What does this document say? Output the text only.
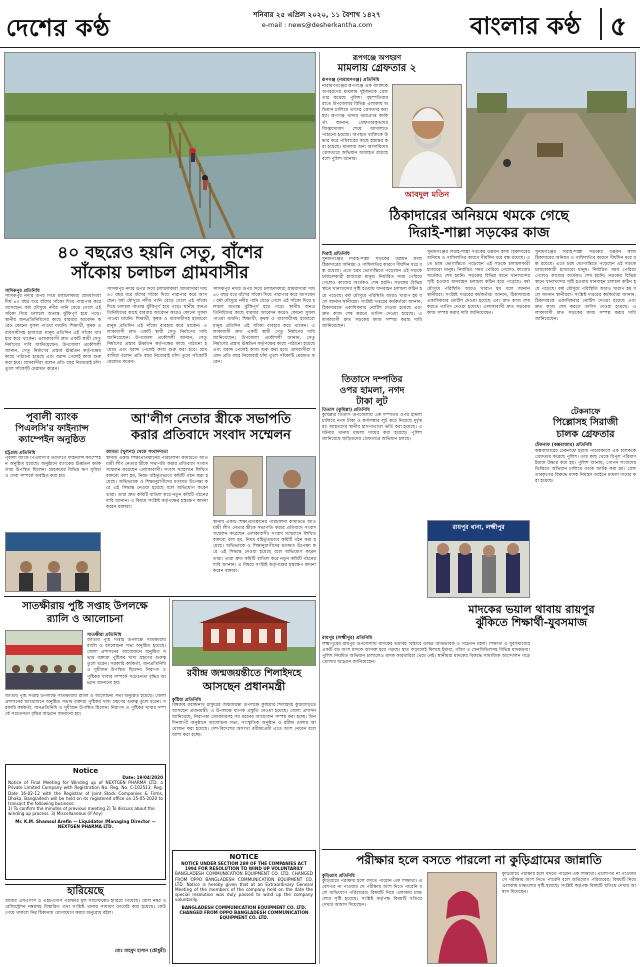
দেশের কণ্ঠ	শনিবার ২৫ এপ্রিল ২০২০, ১১ বৈশাখ ১৪২৭
e-mail : news@desherkantha.com	বাংলার কণ্ঠ ৫
৪০ বছরেও হয়নি সেতু, বাঁশের
সাঁকোয় চলাচল গ্রামবাসীর
সাদিকপুর প্রতিনিধি
সাদিকপুর নদীর উপর দিয়ে চলাচলকারী গ্রামবাসীরা দীর্ঘ ৪০ বছর ধরে বাঁশের সাঁকো দিয়ে পারাপার করে আসছেন। বর্ষা মৌসুমে নদীর পানি বেড়ে গেলে এই সাঁকো দিয়ে চলাচল অত্যন্ত ঝুঁকিপূর্ণ হয়ে পড়ে। স্থানীয় জনপ্রতিনিধিদের কাছে বারবার আবেদন করেও কোনো সুফল পাওয়া যায়নি। শিক্ষার্থী, কৃষক ও ব্যবসায়ীসহ হাজারো মানুষ প্রতিদিন এই সাঁকো ব্যবহার করে থাকেন। এলাকাবাসী দ্রুত একটি স্থায়ী সেতু নির্মাণের দাবি জানিয়েছেন। উপজেলা প্রকৌশলী জানান, সেতু নির্মাণের প্রস্তাব ঊর্ধ্বতন কর্তৃপক্ষের কাছে পাঠানো হয়েছে এবং বরাদ্দ পেলেই কাজ শুরু করা হবে। গ্রামবাসীরা বলেন প্রতি বছর নিজেরাই চাঁদা তুলে সাঁকোটি মেরামত করেন।
সাদিকপুর নদীর উপর দিয়ে চলাচলকারী গ্রামবাসীরা দীর্ঘ ৪০ বছর ধরে বাঁশের সাঁকো দিয়ে পারাপার করে আসছেন। বর্ষা মৌসুমে নদীর পানি বেড়ে গেলে এই সাঁকো দিয়ে চলাচল অত্যন্ত ঝুঁকিপূর্ণ হয়ে পড়ে। স্থানীয় জনপ্রতিনিধিদের কাছে বারবার আবেদন করেও কোনো সুফল পাওয়া যায়নি। শিক্ষার্থী, কৃষক ও ব্যবসায়ীসহ হাজারো মানুষ প্রতিদিন এই সাঁকো ব্যবহার করে থাকেন। এলাকাবাসী দ্রুত একটি স্থায়ী সেতু নির্মাণের দাবি জানিয়েছেন। উপজেলা প্রকৌশলী জানান, সেতু নির্মাণের প্রস্তাব ঊর্ধ্বতন কর্তৃপক্ষের কাছে পাঠানো হয়েছে এবং বরাদ্দ পেলেই কাজ শুরু করা হবে। গ্রামবাসীরা বলেন প্রতি বছর নিজেরাই চাঁদা তুলে সাঁকোটি মেরামত করেন।
সাদিকপুর নদীর উপর দিয়ে চলাচলকারী গ্রামবাসীরা দীর্ঘ ৪০ বছর ধরে বাঁশের সাঁকো দিয়ে পারাপার করে আসছেন। বর্ষা মৌসুমে নদীর পানি বেড়ে গেলে এই সাঁকো দিয়ে চলাচল অত্যন্ত ঝুঁকিপূর্ণ হয়ে পড়ে। স্থানীয় জনপ্রতিনিধিদের কাছে বারবার আবেদন করেও কোনো সুফল পাওয়া যায়নি। শিক্ষার্থী, কৃষক ও ব্যবসায়ীসহ হাজারো মানুষ প্রতিদিন এই সাঁকো ব্যবহার করে থাকেন। এলাকাবাসী দ্রুত একটি স্থায়ী সেতু নির্মাণের দাবি জানিয়েছেন। উপজেলা প্রকৌশলী জানান, সেতু নির্মাণের প্রস্তাব ঊর্ধ্বতন কর্তৃপক্ষের কাছে পাঠানো হয়েছে এবং বরাদ্দ পেলেই কাজ শুরু করা হবে। গ্রামবাসীরা বলেন প্রতি বছর নিজেরাই চাঁদা তুলে সাঁকোটি মেরামত করেন।
রূপগঞ্জে অপহরণ
মামলায় গ্রেফতার ২
রূপগঞ্জ (নারায়ণগঞ্জ) প্রতিনিধি
নারায়ণগঞ্জের রূপগঞ্জে এক ব্যক্তিকে অপহরণের মামলায় দুইজনকে গ্রেফতার করেছে পুলিশ। বৃহস্পতিবার রাতে উপজেলার বিভিন্ন এলাকায় অভিযান চালিয়ে তাদের গ্রেফতার করা হয়। রূপগঞ্জ থানার ভারপ্রাপ্ত কর্মকর্তা জানান, গ্রেফতারকৃতদের জিজ্ঞাসাবাদ শেষে আদালতে পাঠানো হয়েছে। অপহৃত ব্যক্তিকে উদ্ধার করে পরিবারের কাছে হস্তান্তর করা হয়েছে। মামলার অন্য আসামিদের গ্রেফতারে অভিযান অব্যাহত রয়েছে বলে পুলিশ জানায়।
আবদুল মতিন
ঠিকাদারের অনিয়মে থমকে গেছে
দিরাই-শাল্লা সড়কের কাজ
দিরাই প্রতিনিধি
সুনামগঞ্জের দিরাই-শাল্লা সড়কের উন্নয়ন কাজ ঠিকাদারের অনিয়ম ও গাফিলতির কারণে দীর্ঘদিন ধরে বন্ধ রয়েছে। এতে চরম ভোগান্তিতে পড়েছেন এই সড়কে চলাচলকারী হাজারো মানুষ। নির্ধারিত সময় পেরিয়ে গেলেও কাজের অর্ধেকও শেষ হয়নি। সড়কের বিভিন্ন স্থানে খানাখন্দের সৃষ্টি হওয়ায় যানবাহন চলাচল কঠিন হয়ে পড়েছে। বর্ষা মৌসুমে পরিস্থিতি আরও খারাপ হয় বলে জানান স্থানীয়রা। সংশ্লিষ্ট দপ্তরের কর্মকর্তারা জানান, ঠিকাদারকে একাধিকবার নোটিশ দেওয়া হয়েছে এবং দ্রুত কাজ শেষ করতে তাগিদ দেওয়া হয়েছে। এলাকাবাসী দ্রুত সড়কের কাজ সম্পন্ন করার দাবি জানিয়েছেন।
তিতাসে দম্পতির
ওপর হামলা, নগদ
টাকা লুট
তিতাস (কুমিল্লা) প্রতিনিধি
কুমিল্লার তিতাস উপজেলায় এক দম্পতির ওপর হামলা চালিয়ে নগদ টাকা ও স্বর্ণালঙ্কার লুট করে নিয়েছে দুর্বৃত্তরা। আহতদের স্থানীয় হাসপাতালে ভর্তি করা হয়েছে। এ ঘটনায় থানায় মামলা দায়ের করা হয়েছে। পুলিশ জানিয়েছে জড়িতদের গ্রেফতারে অভিযান চলছে।
সুনামগঞ্জের দিরাই-শাল্লা সড়কের উন্নয়ন কাজ ঠিকাদারের অনিয়ম ও গাফিলতির কারণে দীর্ঘদিন ধরে বন্ধ রয়েছে। এতে চরম ভোগান্তিতে পড়েছেন এই সড়কে চলাচলকারী হাজারো মানুষ। নির্ধারিত সময় পেরিয়ে গেলেও কাজের অর্ধেকও শেষ হয়নি। সড়কের বিভিন্ন স্থানে খানাখন্দের সৃষ্টি হওয়ায় যানবাহন চলাচল কঠিন হয়ে পড়েছে। বর্ষা মৌসুমে পরিস্থিতি আরও খারাপ হয় বলে জানান স্থানীয়রা। সংশ্লিষ্ট দপ্তরের কর্মকর্তারা জানান, ঠিকাদারকে একাধিকবার নোটিশ দেওয়া হয়েছে এবং দ্রুত কাজ শেষ করতে তাগিদ দেওয়া হয়েছে। এলাকাবাসী দ্রুত সড়কের কাজ সম্পন্ন করার দাবি জানিয়েছেন।
সুনামগঞ্জের দিরাই-শাল্লা সড়কের উন্নয়ন কাজ ঠিকাদারের অনিয়ম ও গাফিলতির কারণে দীর্ঘদিন ধরে বন্ধ রয়েছে। এতে চরম ভোগান্তিতে পড়েছেন এই সড়কে চলাচলকারী হাজারো মানুষ। নির্ধারিত সময় পেরিয়ে গেলেও কাজের অর্ধেকও শেষ হয়নি। সড়কের বিভিন্ন স্থানে খানাখন্দের সৃষ্টি হওয়ায় যানবাহন চলাচল কঠিন হয়ে পড়েছে। বর্ষা মৌসুমে পরিস্থিতি আরও খারাপ হয় বলে জানান স্থানীয়রা। সংশ্লিষ্ট দপ্তরের কর্মকর্তারা জানান, ঠিকাদারকে একাধিকবার নোটিশ দেওয়া হয়েছে এবং দ্রুত কাজ শেষ করতে তাগিদ দেওয়া হয়েছে। এলাকাবাসী দ্রুত সড়কের কাজ সম্পন্ন করার দাবি জানিয়েছেন।
রায়পুর থানা, লক্ষ্মীপুর
মাদকের ভয়াল থাবায় রায়পুর
ঝুঁকিতে শিক্ষার্থী-যুবসমাজ
রায়পুর (লক্ষ্মীপুর) প্রতিনিধি
লক্ষ্মীপুরের রায়পুর উপজেলায় মাদকের ভয়াবহ বিস্তারে উদ্বিগ্ন অভিভাবক ও সচেতন মহল। শিক্ষার্থী ও যুবসমাজের একটি বড় অংশ মাদকে আসক্ত হয়ে পড়ছে। হাত বাড়ালেই মিলছে ইয়াবা, গাঁজা ও ফেনসিডিলসহ বিভিন্ন মাদকদ্রব্য। পুলিশ নিয়মিত অভিযান চালালেও মাদক কারবারিরা থেমে নেই। স্থানীয়রা মাদকের বিরুদ্ধে সামাজিক আন্দোলন গড়ে তোলার আহ্বান জানিয়েছেন।
টেকনাফে
পিল্লোসহ সিরাজী
চালক গ্রেফতার
টেকনাফ (কক্সবাজার) প্রতিনিধি
কক্সবাজারের টেকনাফে ইয়াবা পাচারকালে এক চালককে গ্রেফতার করেছে পুলিশ। তার কাছ থেকে বিপুল পরিমাণ ইয়াবা উদ্ধার করা হয়। পুলিশ জানায়, গোপন সংবাদের ভিত্তিতে অভিযান চালিয়ে তাকে আটক করা হয়। গ্রেফতারকৃতের বিরুদ্ধে মাদক নিয়ন্ত্রণ আইনে মামলা দায়ের করা হয়েছে।
পূবালী ব্যাংক
পিএলসি'র ফাইন্যান্স
ক্যাম্পেইন অনুষ্ঠিত
চট্টগ্রাম প্রতিনিধি
পূবালী ব্যাংক পিএলসি'র উদ্যোগে ফাইন্যান্স ক্যাম্পেইন অনুষ্ঠিত হয়েছে। অনুষ্ঠানে ব্যাংকের ঊর্ধ্বতন কর্মকর্তারা উপস্থিত ছিলেন। গ্রাহকদের বিভিন্ন ঋণ সুবিধা ও সেবা সম্পর্কে অবহিত করা হয়।
আ'লীগ নেতার স্ত্রীকে সভাপতি
করার প্রতিবাদে সংবাদ সম্মেলন
আমতা (খুলনা) থেকে সংবাদদাতা
স্থানীয় একটি শিক্ষাপ্রতিষ্ঠানের পরিচালনা কমিটিতে আওয়ামী লীগ নেতার স্ত্রীকে সভাপতি করার প্রতিবাদে সংবাদ সম্মেলন করেছেন এলাকাবাসী। সংবাদ সম্মেলনে লিখিত বক্তব্যে বলা হয়, নিয়ম বহির্ভূতভাবে কমিটি গঠন করা হয়েছে। অভিভাবক ও শিক্ষানুরাগীদের মতামত উপেক্ষা করে এই সিদ্ধান্ত নেওয়া হয়েছে বলে অভিযোগ করেন তারা। তারা দ্রুত কমিটি বাতিল করে নতুন কমিটি গঠনের দাবি জানান। এ বিষয়ে সংশ্লিষ্ট কর্তৃপক্ষের হস্তক্ষেপ কামনা করেন বক্তারা।
স্থানীয় একটি শিক্ষাপ্রতিষ্ঠানের পরিচালনা কমিটিতে আওয়ামী লীগ নেতার স্ত্রীকে সভাপতি করার প্রতিবাদে সংবাদ সম্মেলন করেছেন এলাকাবাসী। সংবাদ সম্মেলনে লিখিত বক্তব্যে বলা হয়, নিয়ম বহির্ভূতভাবে কমিটি গঠন করা হয়েছে। অভিভাবক ও শিক্ষানুরাগীদের মতামত উপেক্ষা করে এই সিদ্ধান্ত নেওয়া হয়েছে বলে অভিযোগ করেন তারা। তারা দ্রুত কমিটি বাতিল করে নতুন কমিটি গঠনের দাবি জানান। এ বিষয়ে সংশ্লিষ্ট কর্তৃপক্ষের হস্তক্ষেপ কামনা করেন বক্তারা।
সাতক্ষীরায় পুষ্টি সপ্তাহ উপলক্ষে
র‍্যালি ও আলোচনা
সাতক্ষীরা প্রতিনিধি
জাতীয় পুষ্টি সপ্তাহ উপলক্ষে সাতক্ষীরায় র‍্যালি ও আলোচনা সভা অনুষ্ঠিত হয়েছে। জেলা প্রশাসনের আয়োজনে অনুষ্ঠিত সভায় বক্তারা পুষ্টিকর খাদ্য গ্রহণের গুরুত্ব তুলে ধরেন। সরকারি কর্মকর্তা, জনপ্রতিনিধি ও সুধীজন উপস্থিত ছিলেন। নিরাপদ ও পুষ্টিকর খাবার সম্পর্কে সচেতনতা বৃদ্ধির আহ্বান জানানো হয়।
জাতীয় পুষ্টি সপ্তাহ উপলক্ষে সাতক্ষীরায় র‍্যালি ও আলোচনা সভা অনুষ্ঠিত হয়েছে। জেলা প্রশাসনের আয়োজনে অনুষ্ঠিত সভায় বক্তারা পুষ্টিকর খাদ্য গ্রহণের গুরুত্ব তুলে ধরেন। সরকারি কর্মকর্তা, জনপ্রতিনিধি ও সুধীজন উপস্থিত ছিলেন। নিরাপদ ও পুষ্টিকর খাবার সম্পর্কে সচেতনতা বৃদ্ধির আহ্বান জানানো হয়।
রবীন্দ্র জন্মজয়ন্তীতে শিলাইদহে
আসছেন প্রধানমন্ত্রী
কুষ্টিয়া প্রতিনিধি
বিশ্বকবি রবীন্দ্রনাথ ঠাকুরের জন্মজয়ন্তী উপলক্ষে কুষ্টিয়ার শিলাইদহ কুঠিবাড়িতে আসছেন প্রধানমন্ত্রী। এ উপলক্ষে ব্যাপক প্রস্তুতি নেওয়া হয়েছে। জেলা প্রশাসন জানিয়েছে, নিরাপত্তা জোরদারসহ সব ধরনের আয়োজন সম্পন্ন করা হচ্ছে। তিন দিনব্যাপী অনুষ্ঠানে আলোচনা সভা, সাংস্কৃতিক অনুষ্ঠান ও রবীন্দ্র মেলার আয়োজন করা হয়েছে। দেশ-বিদেশের অসংখ্য রবীন্দ্রপ্রেমী এতে অংশ নেবেন বলে আশা করা হচ্ছে।
Notice
Date: 19/04/2020
Notice of Final Meeting for Winding up of NEXTGEN PHARMA LTD. a Private Limited Company with Registration No. Reg. No. C-102513. Reg. Date 16-02-12 with the Registrar of Joint Stock Companies & Firms, Dhaka, Bangladesh will be held on its registered office on 25-05-2020 to transact the following business:
1) To confirm the minutes of previous meeting 2) To discuss about the winding up process. 3) Miscellaneous (if Any)
Mr. K.M. Shamsul Arefin — Liquidator /Managing Director — NEXTGEN PHARMA LTD.
হারিয়েছে
আমার এসএসসি ও এইচএসসি পরীক্ষার মূল সার্টিফিকেট হারিয়ে গিয়েছে। রোল নম্বর ও রেজিস্ট্রেশন নম্বরসহ বিস্তারিত তথ্য সংশ্লিষ্ট থানায় সাধারণ ডায়েরি করা হয়েছে। কেউ পেয়ে থাকলে নিম্ন ঠিকানায় যোগাযোগ করার অনুরোধ রইল।
মোঃ মাহমুদ হাসান (চৌধুরী)
NOTICE
NOTICE UNDER SECTION 289 OF THE COMPANIES ACT 1994 FOR RESOLUTION TO WIND UP VOLUNTARILY
BANGLADESH COMMUNICATION EQUIPMENT CO. LTD. CHANGED FROM OPPO BANGLADESH COMMUNICATION EQUIPMENT CO. LTD. Notice is hereby given that at an Extraordinary General Meeting of the members of the company held on the date the special resolution was duly passed to wind up the company voluntarily.
BANGLADESH COMMUNICATION EQUIPMENT CO. LTD. CHANGED FROM OPPO BANGLADESH COMMUNICATION EQUIPMENT CO. LTD.
পরীক্ষার হলে বসতে পারলো না কুড়িগ্রামের জান্নাতি
কুড়িগ্রাম প্রতিনিধি
কুড়িগ্রামে পরীক্ষার হলে বসতে পারেনি এক শিক্ষার্থী। প্রবেশপত্র না পাওয়ায় সে পরীক্ষায় অংশ নিতে পারেনি বলে অভিযোগ পরিবারের। বিষয়টি নিয়ে এলাকায় চাঞ্চল্যের সৃষ্টি হয়েছে। সংশ্লিষ্ট কর্তৃপক্ষ বিষয়টি খতিয়ে দেখার আশ্বাস দিয়েছেন।
কুড়িগ্রামে পরীক্ষার হলে বসতে পারেনি এক শিক্ষার্থী। প্রবেশপত্র না পাওয়ায় সে পরীক্ষায় অংশ নিতে পারেনি বলে অভিযোগ পরিবারের। বিষয়টি নিয়ে এলাকায় চাঞ্চল্যের সৃষ্টি হয়েছে। সংশ্লিষ্ট কর্তৃপক্ষ বিষয়টি খতিয়ে দেখার আশ্বাস দিয়েছেন।
